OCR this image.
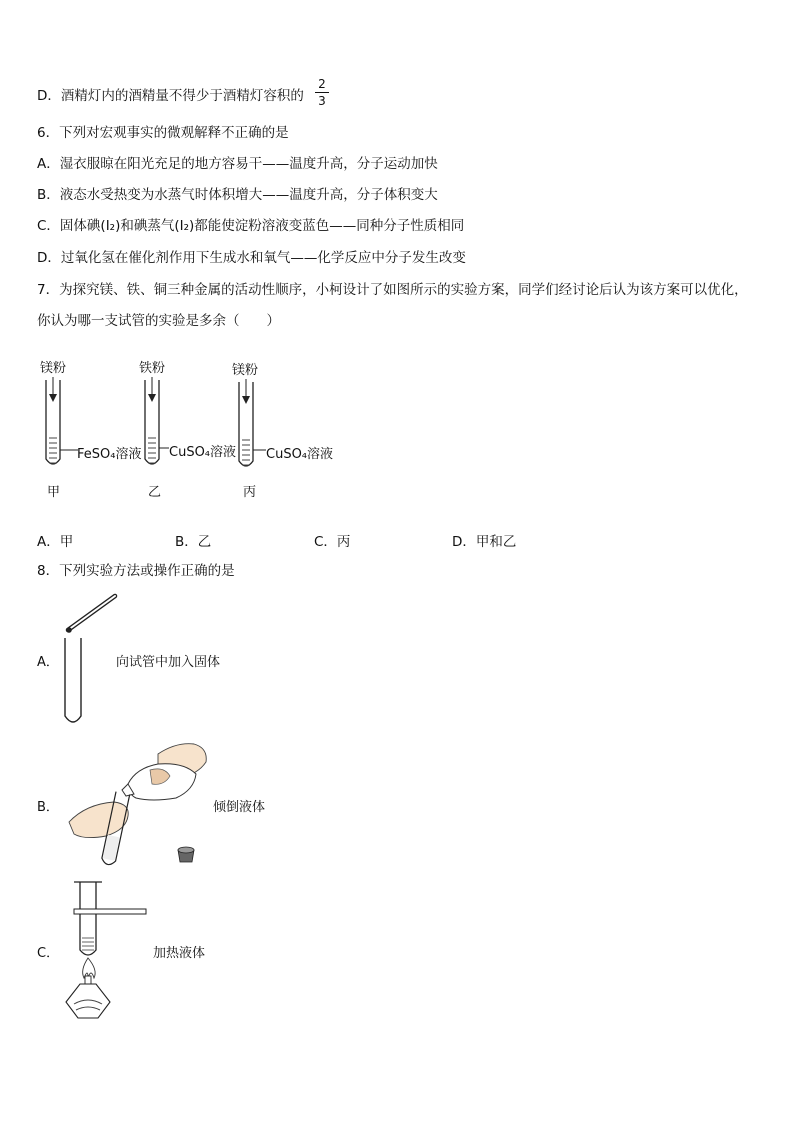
D．酒精灯内的酒精量不得少于酒精灯容积的
2
3
6．下列对宏观事实的微观解释不正确的是
A．湿衣服晾在阳光充足的地方容易干——温度升高，分子运动加快
B．液态水受热变为水蒸气时体积增大——温度升高，分子体积变大
C．固体碘(I₂)和碘蒸气(I₂)都能使淀粉溶液变蓝色——同种分子性质相同
D．过氧化氢在催化剂作用下生成水和氧气——化学反应中分子发生改变
7．为探究镁、铁、铜三种金属的活动性顺序，小柯设计了如图所示的实验方案，同学们经讨论后认为该方案可以优化，
你认为哪一支试管的实验是多余（　　）
镁粉
FeSO₄溶液
甲
铁粉
CuSO₄溶液
乙
镁粉
CuSO₄溶液
丙
A．甲	B．乙	C．丙	D．甲和乙
8．下列实验方法或操作正确的是
A．	向试管中加入固体
B．	倾倒液体
C．	加热液体
